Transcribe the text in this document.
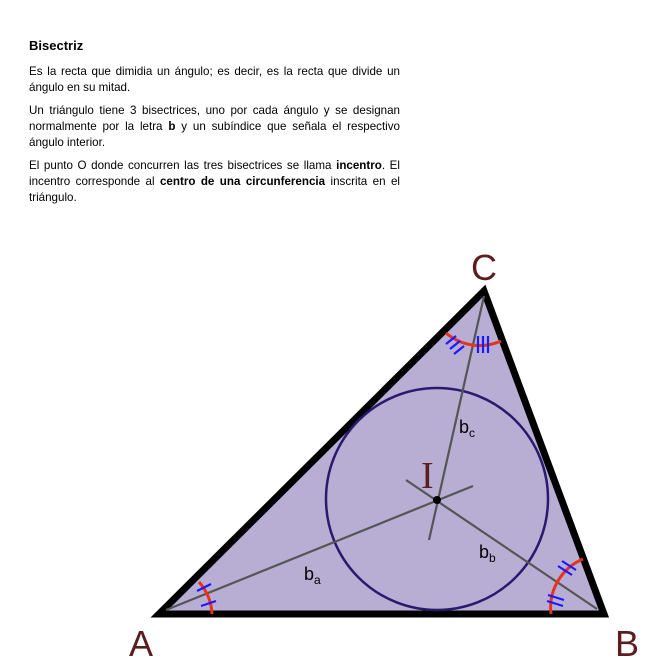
Bisectriz

Es la recta que dimidia un ángulo; es decir, es la recta que divide un ángulo en su mitad.

Un triángulo tiene 3 bisectrices, uno por cada ángulo y se designan normalmente por la letra b y un subíndice que señala el respectivo ángulo interior.

El punto O donde concurren las tres bisectrices se llama incentro. El incentro corresponde al centro de una circunferencia inscrita en el triángulo.

A	B
C
I
$b_a$
$b_b$
$b_c$
